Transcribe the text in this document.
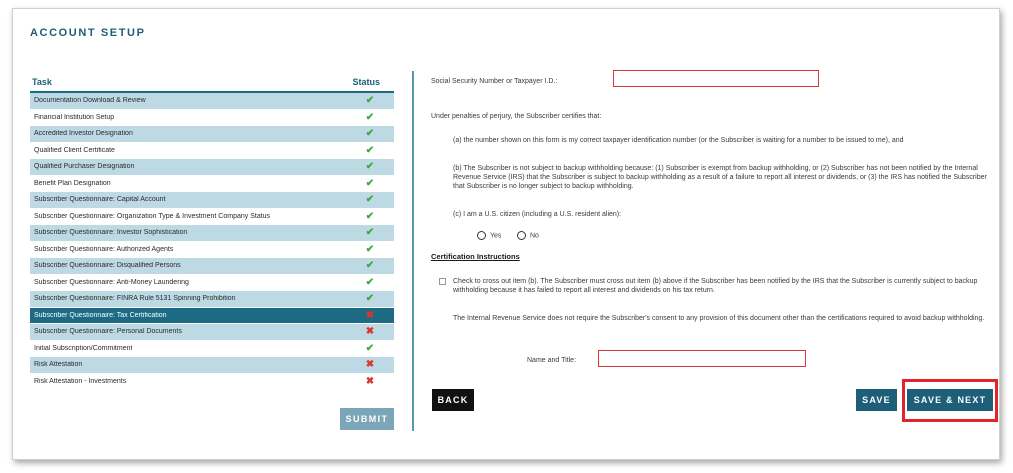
ACCOUNT SETUP
Task	Status
Documentation Download & Review	✔
Financial Institution Setup	✔
Accredited Investor Designation	✔
Qualified Client Certificate	✔
Qualified Purchaser Designation	✔
Benefit Plan Designation	✔
Subscriber Questionnaire: Capital Account	✔
Subscriber Questionnaire: Organization Type & Investment Company Status	✔
Subscriber Questionnaire: Investor Sophistication	✔
Subscriber Questionnaire: Authorized Agents	✔
Subscriber Questionnaire: Disqualified Persons	✔
Subscriber Questionnaire: Anti-Money Laundering	✔
Subscriber Questionnaire: FINRA Rule 5131 Spinning Prohibition	✔
Subscriber Questionnaire: Tax Certification	✖
Subscriber Questionnaire: Personal Documents	✖
Initial Subscription/Commitment	✔
Risk Attestation	✖
Risk Attestation - Investments	✖
SUBMIT
Social Security Number or Taxpayer I.D.:
Under penalties of perjury, the Subscriber certifies that:
(a) the number shown on this form is my correct taxpayer identification number (or the Subscriber is waiting for a number to be issued to me), and
(b) The Subscriber is not subject to backup withholding because: (1) Subscriber is exempt from backup withholding, or (2) Subscriber has not been notified by the Internal Revenue Service (IRS) that the Subscriber is subject to backup withholding as a result of a failure to report all interest or dividends, or (3) the IRS has notified the Subscriber that Subscriber is no longer subject to backup withholding.
(c) I am a U.S. citizen (including a U.S. resident alien):
Yes	No
Certification Instructions
Check to cross out item (b). The Subscriber must cross out item (b) above if the Subscriber has been notified by the IRS that the Subscriber is currently subject to backup withholding because it has failed to report all interest and dividends on his tax return.
The Internal Revenue Service does not require the Subscriber's consent to any provision of this document other than the certifications required to avoid backup withholding.
Name and Title:
BACK	SAVE	SAVE & NEXT
